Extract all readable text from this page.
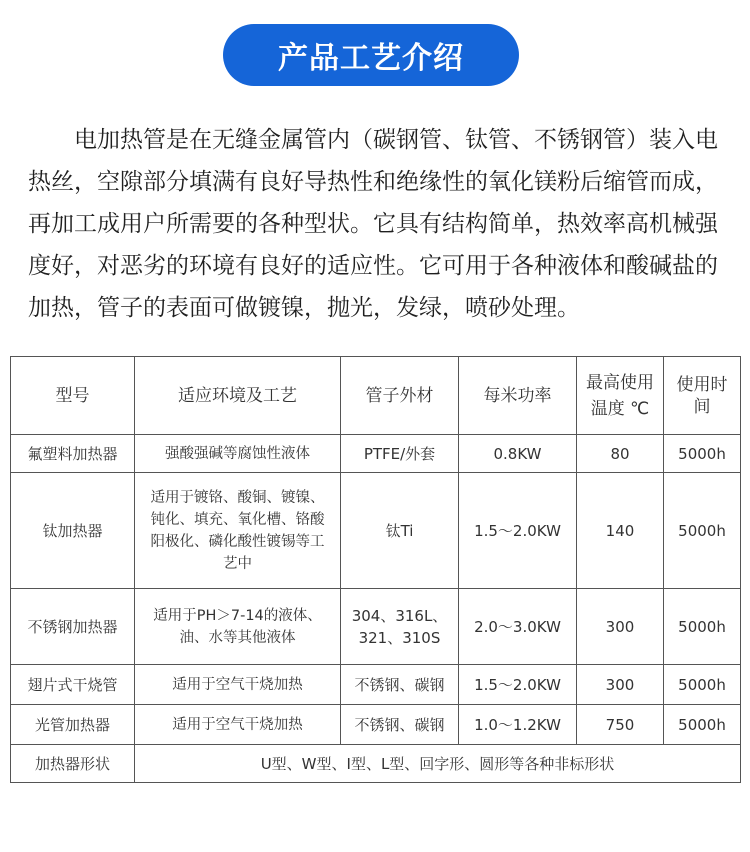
产品工艺介绍

电加热管是在无缝金属管内（碳钢管、钛管、不锈钢管）装入电热丝，空隙部分填满有良好导热性和绝缘性的氧化镁粉后缩管而成，再加工成用户所需要的各种型状。它具有结构简单，热效率高机械强度好，对恶劣的环境有良好的适应性。它可用于各种液体和酸碱盐的加热，管子的表面可做镀镍，抛光，发绿，喷砂处理。

型号	适应环境及工艺	管子外材	每米功率	最高使用温度 ℃	使用时间
氟塑料加热器	强酸强碱等腐蚀性液体	PTFE/外套	0.8KW	80	5000h
钛加热器	适用于镀铬、酸铜、镀镍、钝化、填充、氧化槽、铬酸阳极化、磷化酸性镀锡等工艺中	钛Ti	1.5～2.0KW	140	5000h
不锈钢加热器	适用于PH＞7-14的液体、油、水等其他液体	304、316L、321、310S	2.0～3.0KW	300	5000h
翅片式干烧管	适用于空气干烧加热	不锈钢、碳钢	1.5～2.0KW	300	5000h
光管加热器	适用于空气干烧加热	不锈钢、碳钢	1.0～1.2KW	750	5000h
加热器形状	U型、W型、I型、L型、回字形、圆形等各种非标形状				
